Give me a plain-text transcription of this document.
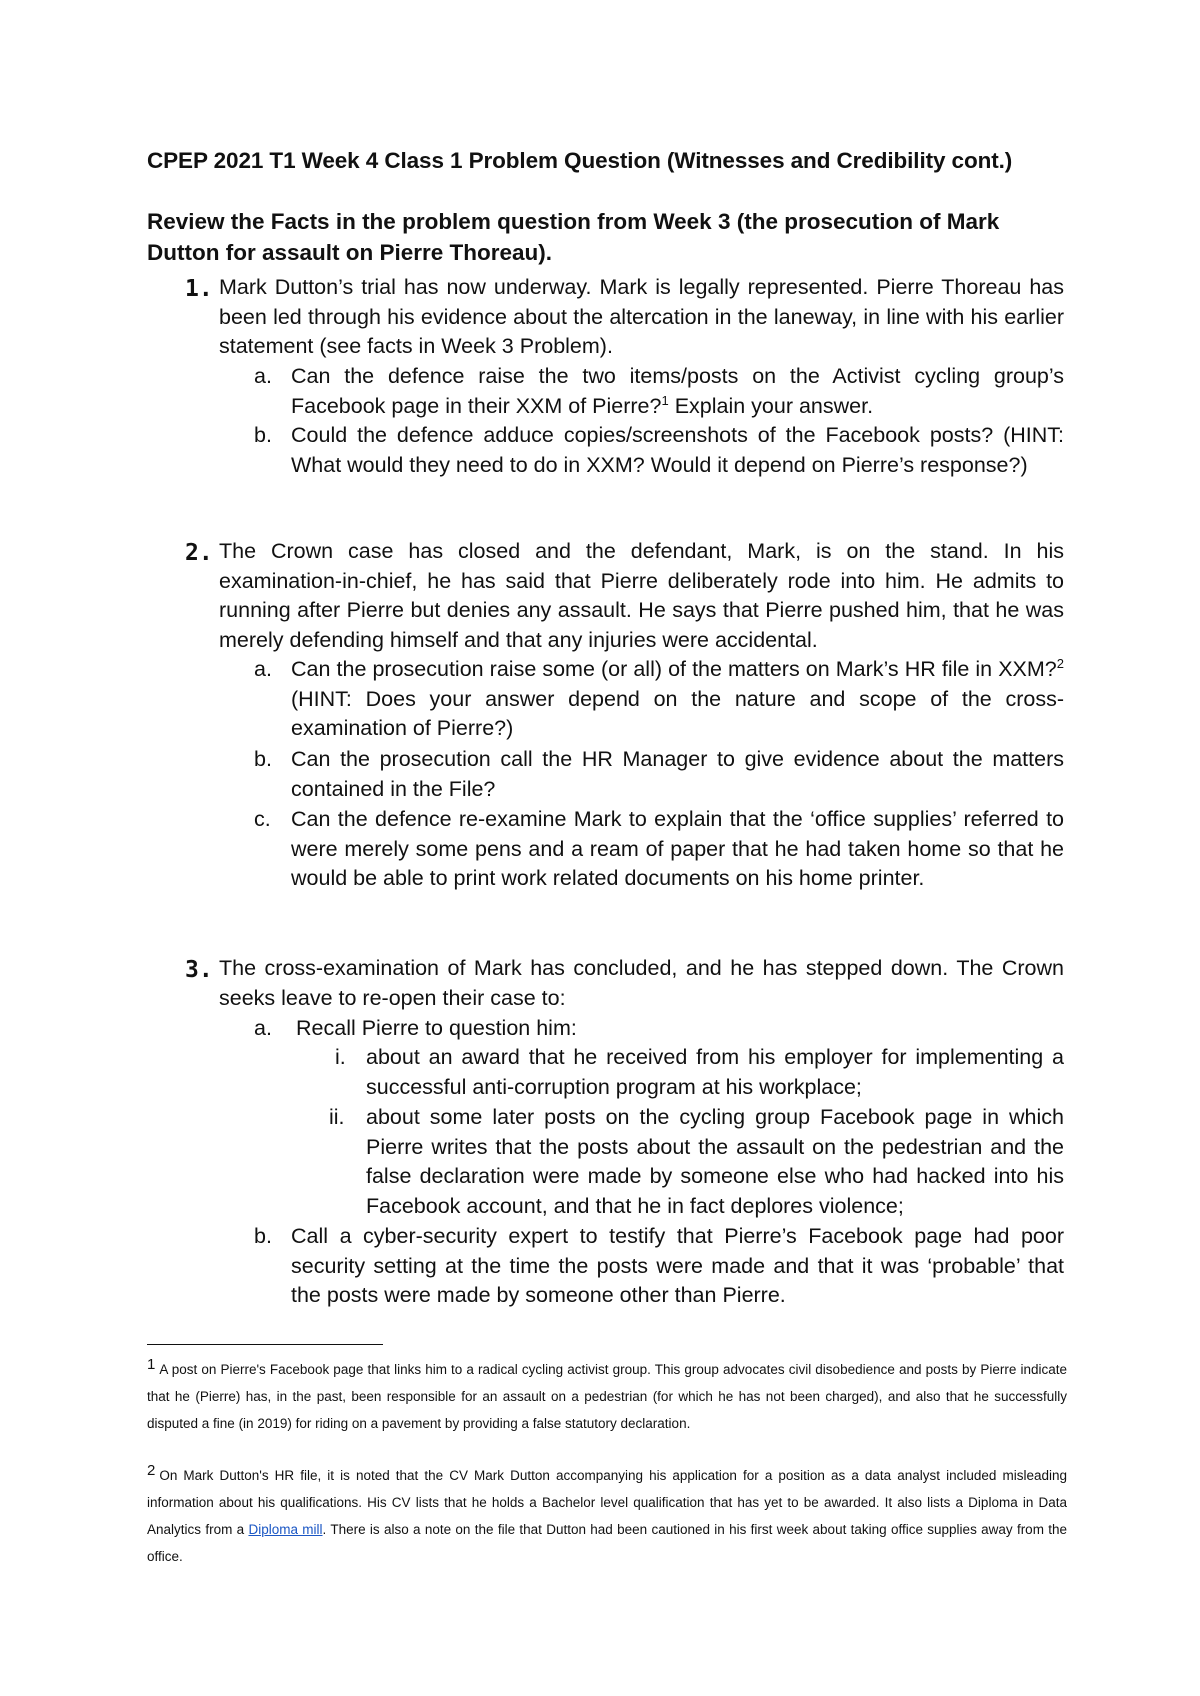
CPEP 2021 T1 Week 4 Class 1 Problem Question (Witnesses and Credibility cont.)
Review the Facts in the problem question from Week 3 (the prosecution of Mark Dutton for assault on Pierre Thoreau).
1. Mark Dutton’s trial has now underway. Mark is legally represented. Pierre Thoreau has been led through his evidence about the altercation in the laneway, in line with his earlier statement (see facts in Week 3 Problem).
a. Can the defence raise the two items/posts on the Activist cycling group’s Facebook page in their XXM of Pierre?$^1$ Explain your answer.
b. Could the defence adduce copies/screenshots of the Facebook posts? (HINT: What would they need to do in XXM? Would it depend on Pierre’s response?)
2. The Crown case has closed and the defendant, Mark, is on the stand. In his examination-in-chief, he has said that Pierre deliberately rode into him. He admits to running after Pierre but denies any assault. He says that Pierre pushed him, that he was merely defending himself and that any injuries were accidental.
a. Can the prosecution raise some (or all) of the matters on Mark’s HR file in XXM?$^2$ (HINT: Does your answer depend on the nature and scope of the cross-examination of Pierre?)
b. Can the prosecution call the HR Manager to give evidence about the matters contained in the File?
c. Can the defence re-examine Mark to explain that the ‘office supplies’ referred to were merely some pens and a ream of paper that he had taken home so that he would be able to print work related documents on his home printer.
3. The cross-examination of Mark has concluded, and he has stepped down. The Crown seeks leave to re-open their case to:
a. Recall Pierre to question him:
i. about an award that he received from his employer for implementing a successful anti-corruption program at his workplace;
ii. about some later posts on the cycling group Facebook page in which Pierre writes that the posts about the assault on the pedestrian and the false declaration were made by someone else who had hacked into his Facebook account, and that he in fact deplores violence;
b. Call a cyber-security expert to testify that Pierre’s Facebook page had poor security setting at the time the posts were made and that it was ‘probable’ that the posts were made by someone other than Pierre.
1 A post on Pierre's Facebook page that links him to a radical cycling activist group. This group advocates civil disobedience and posts by Pierre indicate that he (Pierre) has, in the past, been responsible for an assault on a pedestrian (for which he has not been charged), and also that he successfully disputed a fine (in 2019) for riding on a pavement by providing a false statutory declaration.
2 On Mark Dutton's HR file, it is noted that the CV Mark Dutton accompanying his application for a position as a data analyst included misleading information about his qualifications. His CV lists that he holds a Bachelor level qualification that has yet to be awarded. It also lists a Diploma in Data Analytics from a Diploma mill. There is also a note on the file that Dutton had been cautioned in his first week about taking office supplies away from the office.
